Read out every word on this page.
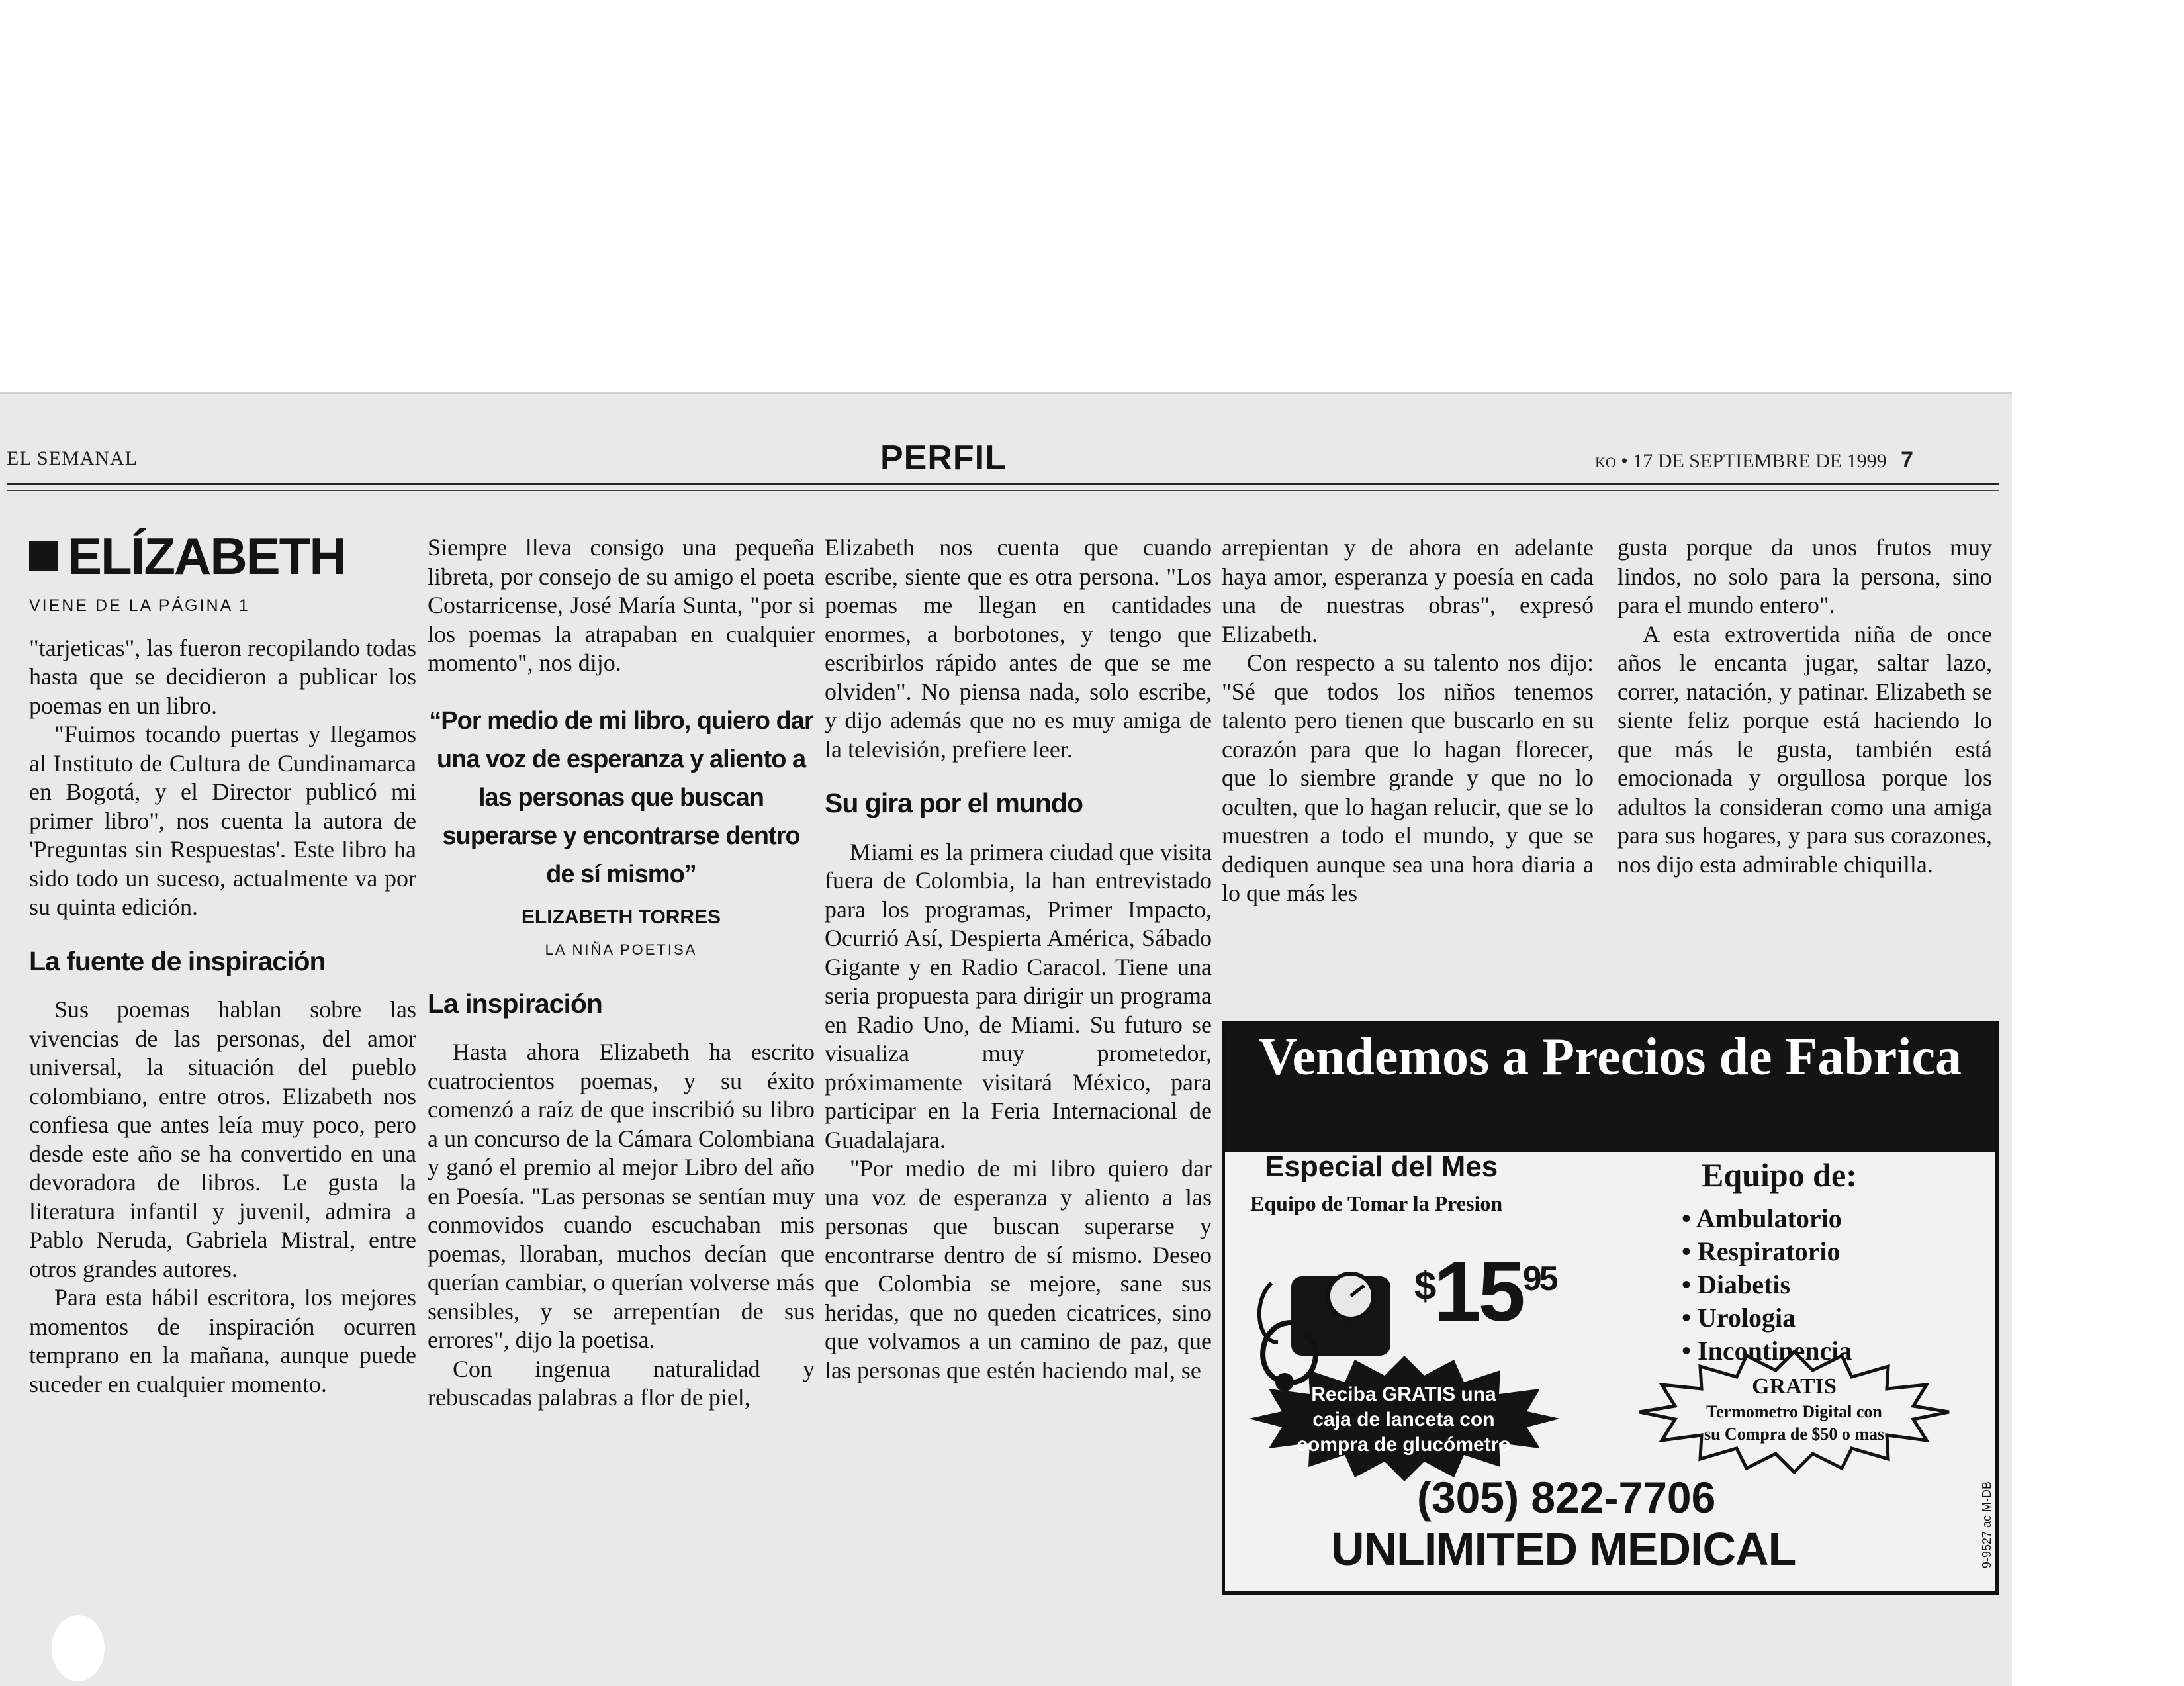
EL SEMANAL	PERFIL	KO • 17 DE SEPTIEMBRE DE 1999 7
ELÍZABETH
VIENE DE LA PÁGINA 1

"tarjeticas", las fueron recopilando todas hasta que se decidieron a publicar los poemas en un libro.

"Fuimos tocando puertas y llegamos al Instituto de Cultura de Cundinamarca en Bogotá, y el Director publicó mi primer libro", nos cuenta la autora de 'Preguntas sin Respuestas'. Este libro ha sido todo un suceso, actualmente va por su quinta edición.

La fuente de inspiración

Sus poemas hablan sobre las vivencias de las personas, del amor universal, la situación del pueblo colombiano, entre otros. Elizabeth nos confiesa que antes leía muy poco, pero desde este año se ha convertido en una devoradora de libros. Le gusta la literatura infantil y juvenil, admira a Pablo Neruda, Gabriela Mistral, entre otros grandes autores.

Para esta hábil escritora, los mejores momentos de inspiración ocurren temprano en la mañana, aunque puede suceder en cualquier momento.

Siempre lleva consigo una pequeña libreta, por consejo de su amigo el poeta Costarricense, José María Sunta, "por si los poemas la atrapaban en cualquier momento", nos dijo.

“Por medio de mi libro, quiero dar una voz de esperanza y aliento a las personas que buscan superarse y encontrarse dentro de sí mismo”
ELIZABETH TORRES
LA NIÑA POETISA
La inspiración

Hasta ahora Elizabeth ha escrito cuatrocientos poemas, y su éxito comenzó a raíz de que inscribió su libro a un concurso de la Cámara Colombiana y ganó el premio al mejor Libro del año en Poesía. "Las personas se sentían muy conmovidos cuando escuchaban mis poemas, lloraban, muchos decían que querían cambiar, o querían volverse más sensibles, y se arrepentían de sus errores", dijo la poetisa.

Con ingenua naturalidad y rebuscadas palabras a flor de piel,

Elizabeth nos cuenta que cuando escribe, siente que es otra persona. "Los poemas me llegan en cantidades enormes, a borbotones, y tengo que escribirlos rápido antes de que se me olviden". No piensa nada, solo escribe, y dijo además que no es muy amiga de la televisión, prefiere leer.

Su gira por el mundo

Miami es la primera ciudad que visita fuera de Colombia, la han entrevistado para los programas, Primer Impacto, Ocurrió Así, Despierta América, Sábado Gigante y en Radio Caracol. Tiene una seria propuesta para dirigir un programa en Radio Uno, de Miami. Su futuro se visualiza muy prometedor, próximamente visitará México, para participar en la Feria Internacional de Guadalajara.

"Por medio de mi libro quiero dar una voz de esperanza y aliento a las personas que buscan superarse y encontrarse dentro de sí mismo. Deseo que Colombia se mejore, sane sus heridas, que no queden cicatrices, sino que volvamos a un camino de paz, que las personas que estén haciendo mal, se

arrepientan y de ahora en adelante haya amor, esperanza y poesía en cada una de nuestras obras", expresó Elizabeth.

Con respecto a su talento nos dijo: "Sé que todos los niños tenemos talento pero tienen que buscarlo en su corazón para que lo hagan florecer, que lo siembre grande y que no lo oculten, que lo hagan relucir, que se lo muestren a todo el mundo, y que se dediquen aunque sea una hora diaria a lo que más les

gusta porque da unos frutos muy lindos, no solo para la persona, sino para el mundo entero".

A esta extrovertida niña de once años le encanta jugar, saltar lazo, correr, natación, y patinar. Elizabeth se siente feliz porque está haciendo lo que más le gusta, también está emocionada y orgullosa porque los adultos la consideran como una amiga para sus hogares, y para sus corazones, nos dijo esta admirable chiquilla.

Vendemos a Precios de Fabrica
Especial del Mes
Equipo de Tomar la Presion
$^{\$}15^{95}$
Equipo de:
• Ambulatorio
• Respiratorio
• Diabetis
• Urologia
• Incontinencia
Reciba GRATIS una caja de lanceta con compra de glucómetro
GRATIS
Termometro Digital con su Compra de $50 o mas
(305) 822-7706
UNLIMITED MEDICAL	9-9527 ac M-DB
